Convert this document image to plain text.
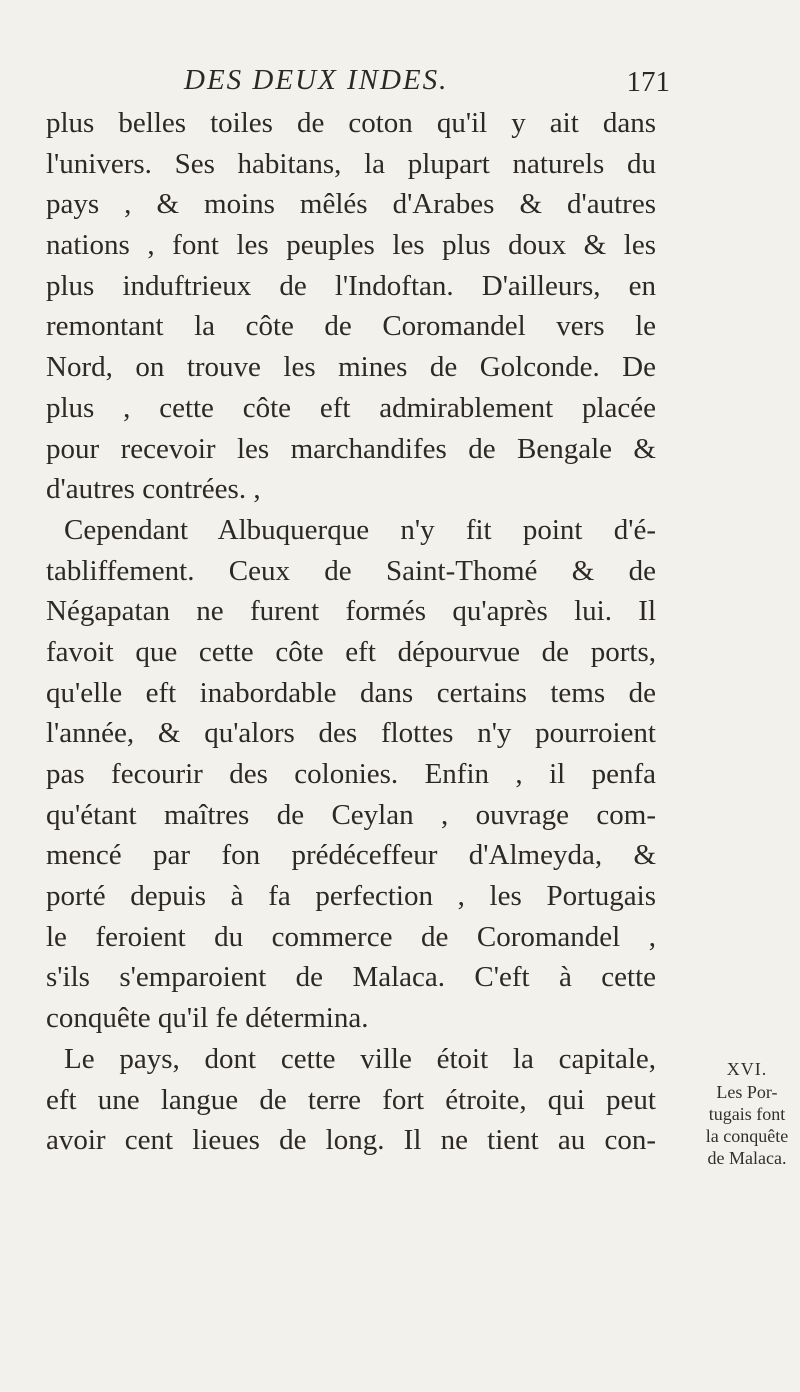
DES DEUX INDES.	171
plus belles toiles de coton qu'il y ait dans
l'univers. Ses habitans, la plupart naturels du
pays , & moins mêlés d'Arabes & d'autres
nations , font les peuples les plus doux & les
plus induftrieux de l'Indoftan. D'ailleurs, en
remontant la côte de Coromandel vers le
Nord, on trouve les mines de Golconde. De
plus , cette côte eft admirablement placée
pour recevoir les marchandifes de Bengale &
d'autres contrées. ,
Cependant Albuquerque n'y fit point d'é-
tabliffement. Ceux de Saint-Thomé & de
Négapatan ne furent formés qu'après lui. Il
favoit que cette côte eft dépourvue de ports,
qu'elle eft inabordable dans certains tems de
l'année, & qu'alors des flottes n'y pourroient
pas fecourir des colonies. Enfin , il penfa
qu'étant maîtres de Ceylan , ouvrage com-
mencé par fon prédéceffeur d'Almeyda, &
porté depuis à fa perfection , les Portugais
le feroient du commerce de Coromandel ,
s'ils s'emparoient de Malaca. C'eft à cette
conquête qu'il fe détermina.
Le pays, dont cette ville étoit la capitale,
eft une langue de terre fort étroite, qui peut
avoir cent lieues de long. Il ne tient au con-
XVI.
Les Por-
tugais font
la conquête
de Malaca.
